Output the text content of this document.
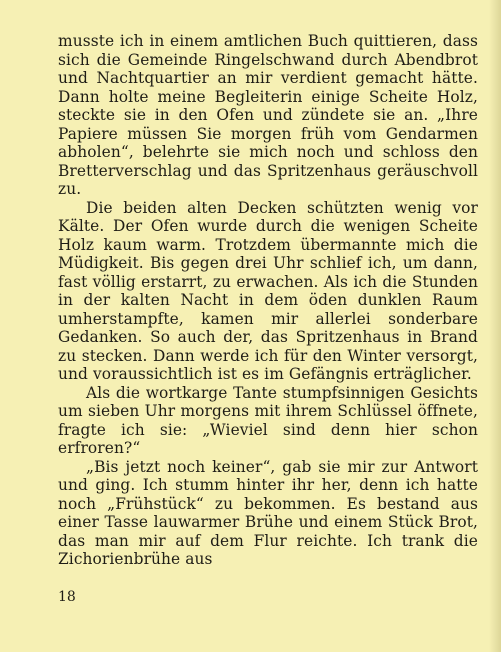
musste ich in einem amtlichen Buch quittieren, dass sich die Gemeinde Ringelschwand durch Abendbrot und Nachtquartier an mir verdient gemacht hätte. Dann holte meine Begleiterin einige Scheite Holz, steckte sie in den Ofen und zündete sie an. „Ihre Papiere müssen Sie morgen früh vom Gendarmen abholen“, belehrte sie mich noch und schloss den Bretterverschlag und das Spritzenhaus geräuschvoll zu.

Die beiden alten Decken schützten wenig vor Kälte. Der Ofen wurde durch die wenigen Scheite Holz kaum warm. Trotzdem übermannte mich die Müdigkeit. Bis gegen drei Uhr schlief ich, um dann, fast völlig erstarrt, zu erwachen. Als ich die Stunden in der kalten Nacht in dem öden dunklen Raum umherstampfte, kamen mir allerlei sonderbare Gedanken. So auch der, das Spritzenhaus in Brand zu stecken. Dann werde ich für den Winter versorgt, und voraussichtlich ist es im Gefängnis erträglicher.

Als die wortkarge Tante stumpfsinnigen Gesichts um sieben Uhr morgens mit ihrem Schlüssel öffnete, fragte ich sie: „Wieviel sind denn hier schon erfroren?“

„Bis jetzt noch keiner“, gab sie mir zur Antwort und ging. Ich stumm hinter ihr her, denn ich hatte noch „Frühstück“ zu bekommen. Es bestand aus einer Tasse lauwarmer Brühe und einem Stück Brot, das man mir auf dem Flur reichte. Ich trank die Zichorienbrühe aus

18
